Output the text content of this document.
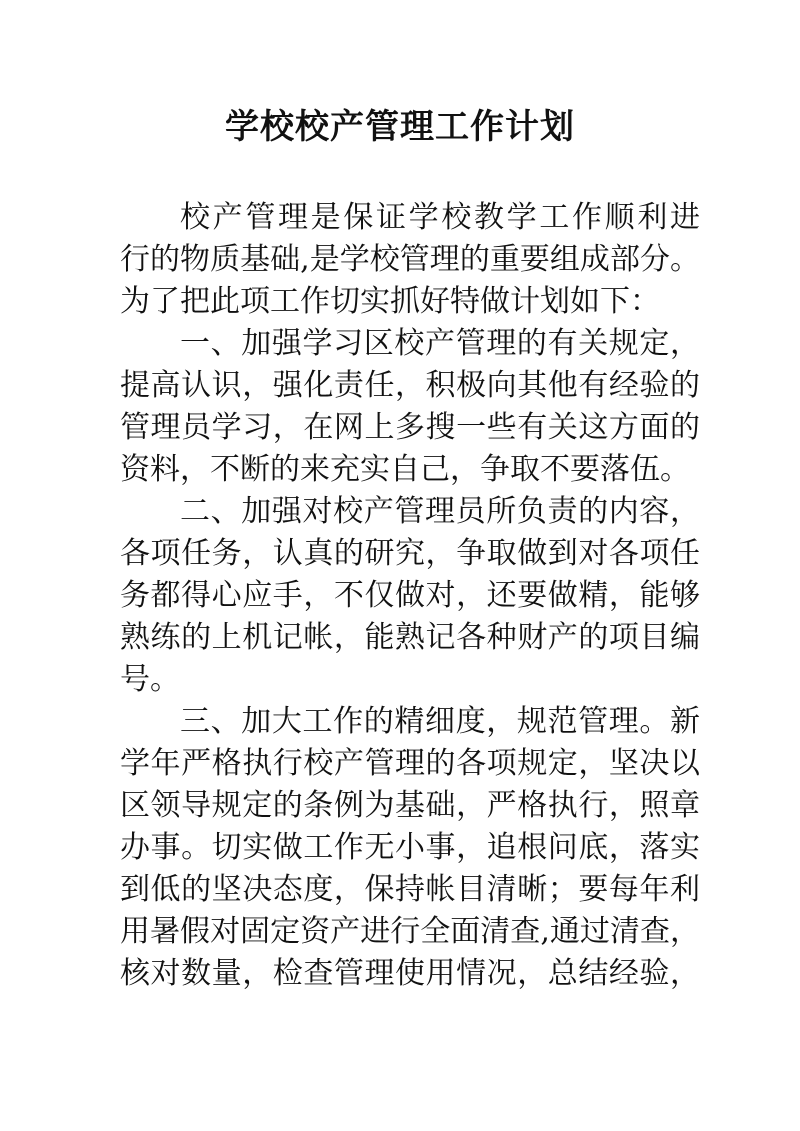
学校校产管理工作计划
校产管理是保证学校教学工作顺利进
行的物质基础,是学校管理的重要组成部分。
为了把此项工作切实抓好特做计划如下：
一、加强学习区校产管理的有关规定，
提高认识，强化责任，积极向其他有经验的
管理员学习，在网上多搜一些有关这方面的
资料，不断的来充实自己，争取不要落伍。
二、加强对校产管理员所负责的内容，
各项任务，认真的研究，争取做到对各项任
务都得心应手，不仅做对，还要做精，能够
熟练的上机记帐，能熟记各种财产的项目编
号。
三、加大工作的精细度，规范管理。新
学年严格执行校产管理的各项规定，坚决以
区领导规定的条例为基础，严格执行，照章
办事。切实做工作无小事，追根问底，落实
到低的坚决态度，保持帐目清晰；要每年利
用暑假对固定资产进行全面清查,通过清查，
核对数量，检查管理使用情况，总结经验，
